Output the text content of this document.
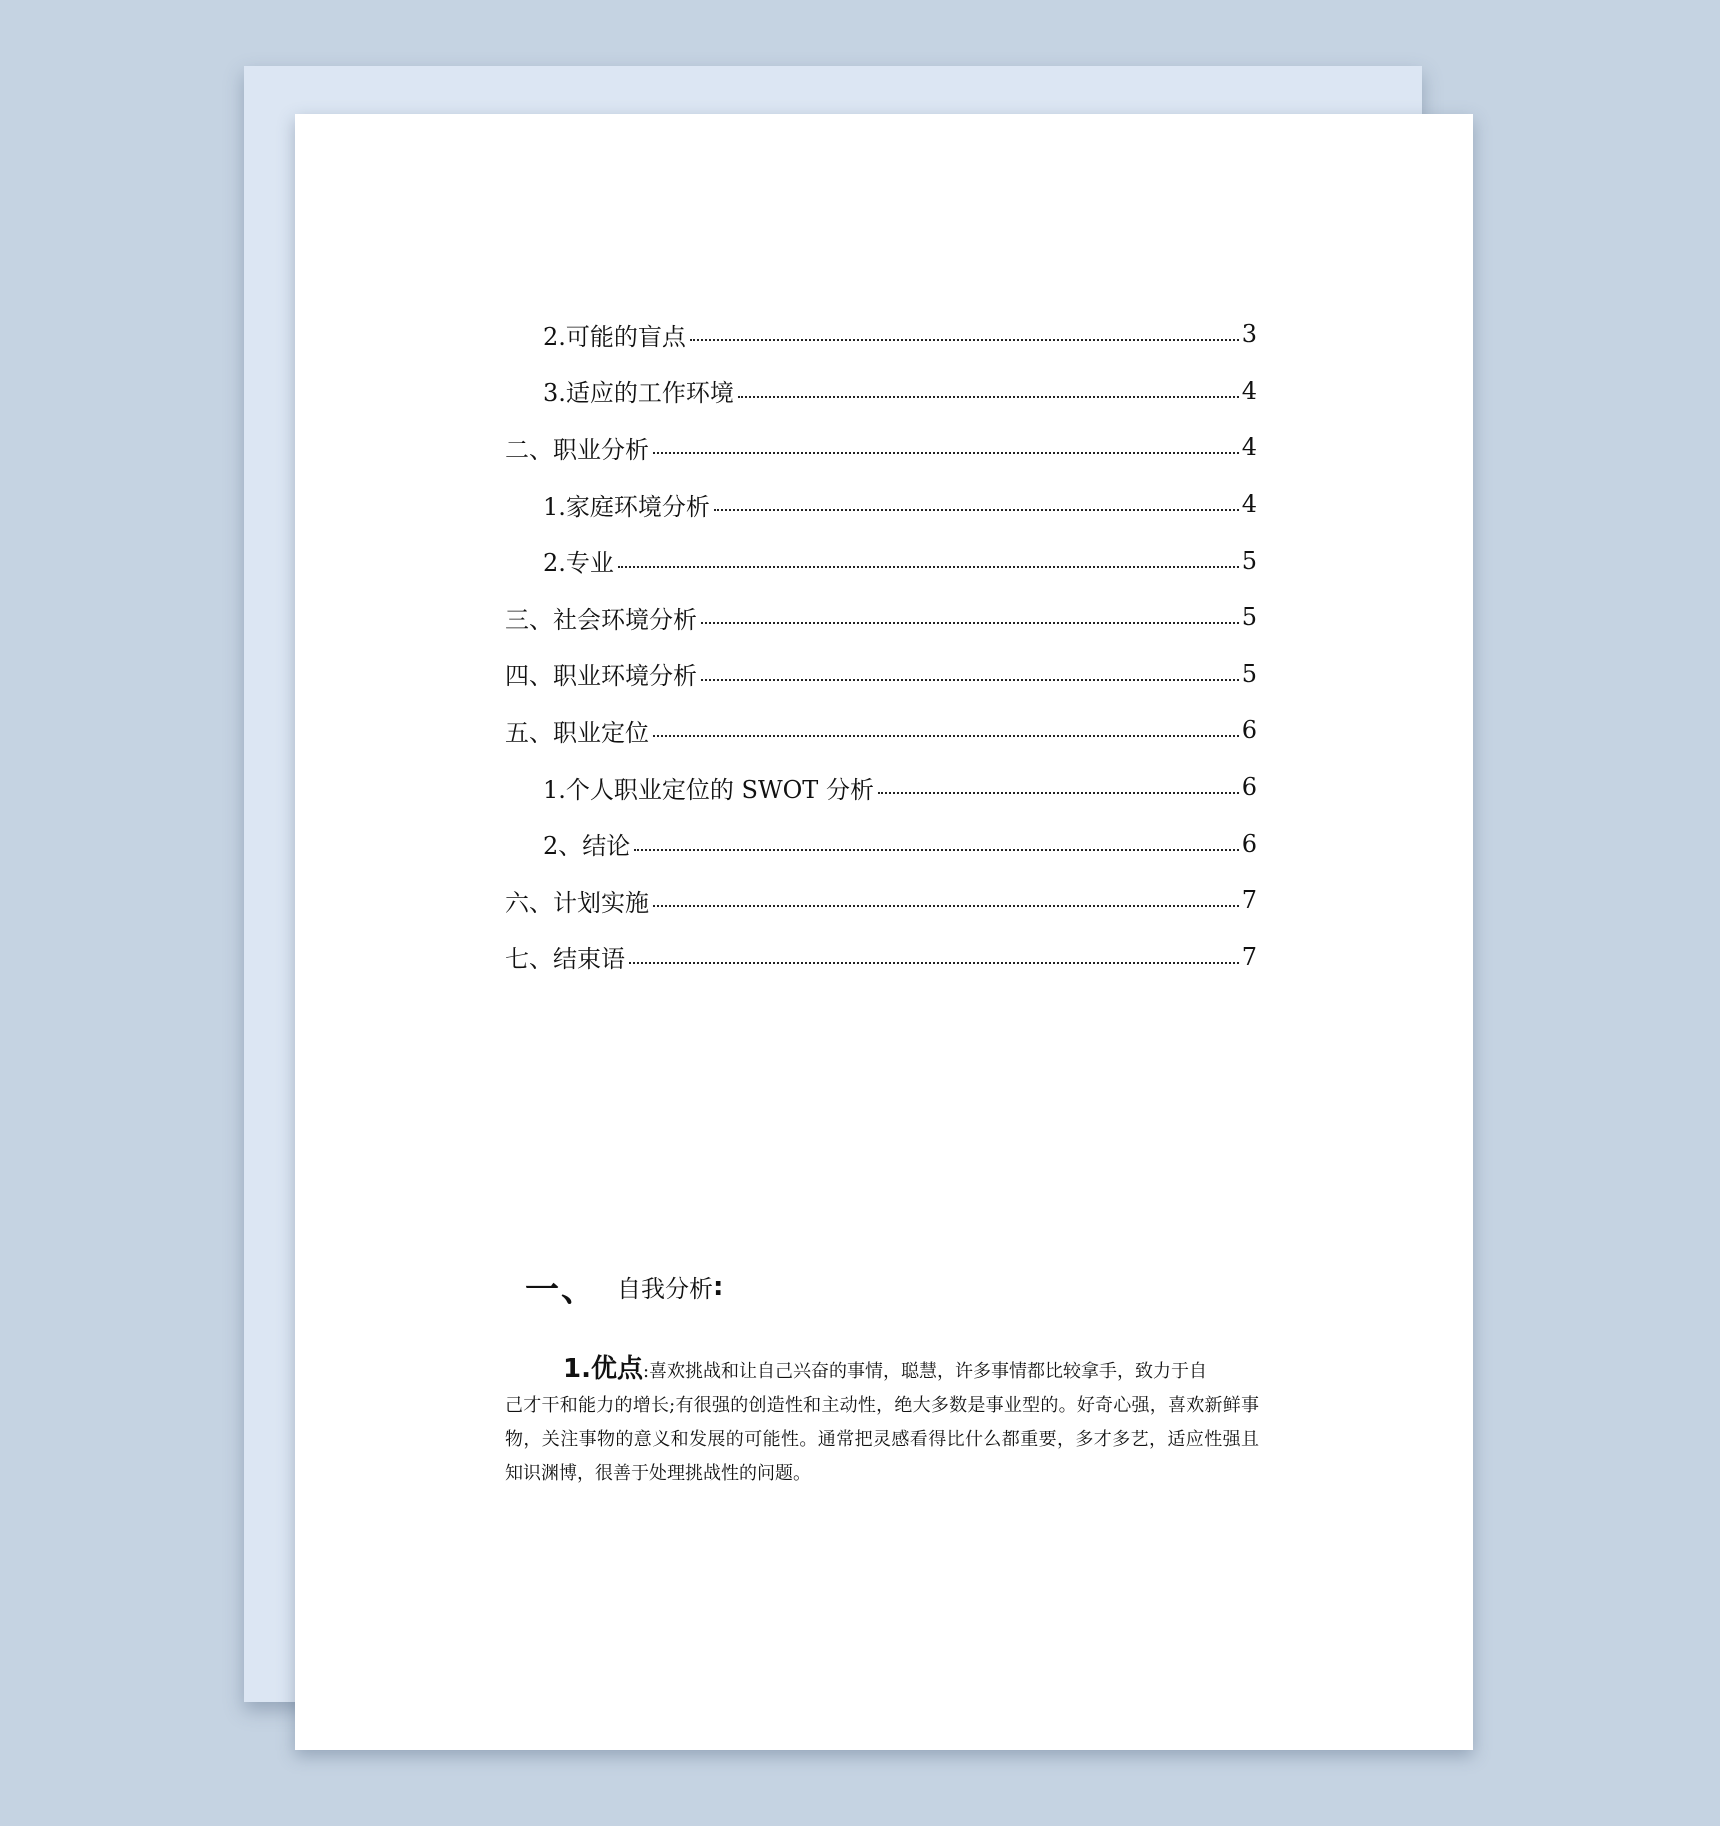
2.可能的盲点	3
3.适应的工作环境	4
二、职业分析	4
1.家庭环境分析	4
2.专业	5
三、社会环境分析	5
四、职业环境分析	5
五、职业定位	6
1.个人职业定位的 SWOT 分析	6
2、结论	6
六、计划实施	7
七、结束语	7
一、 自我分析 :
1.优点:喜欢挑战和让自己兴奋的事情，聪慧，许多事情都比较拿手，致力于自
己才干和能力的增长;有很强的创造性和主动性，绝大多数是事业型的。好奇心强，喜欢新鲜事物，关注事物的意义和发展的可能性。通常把灵感看得比什么都重要，多才多艺，适应性强且知识渊博，很善于处理挑战性的问题。
